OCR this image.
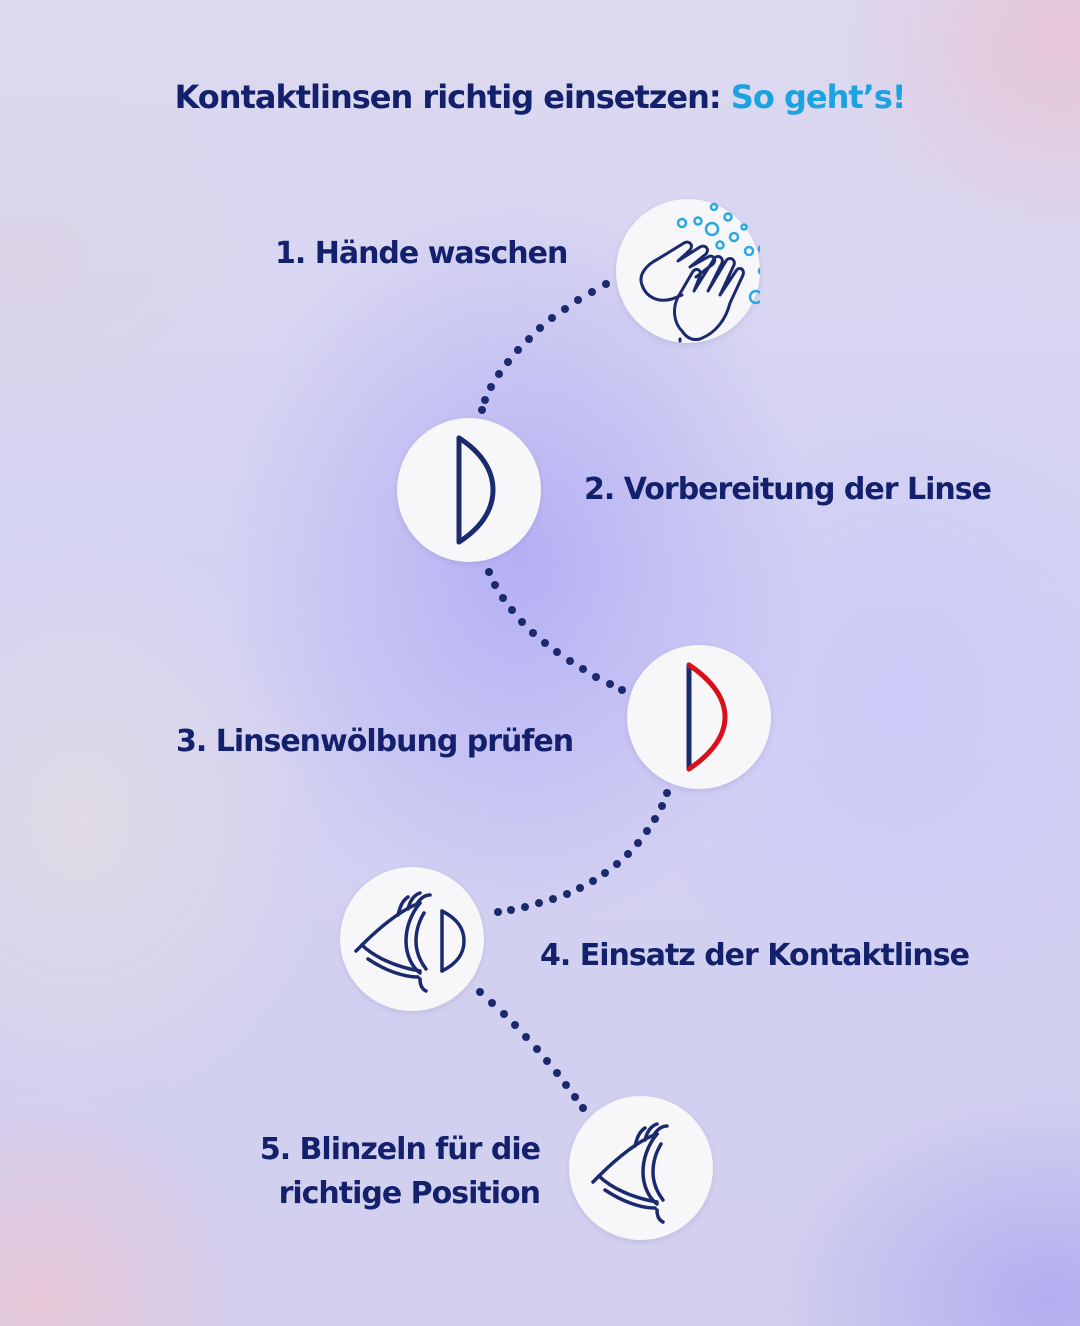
Kontaktlinsen richtig einsetzen: So geht’s!
1. Hände waschen
2. Vorbereitung der Linse
3. Linsenwölbung prüfen
4. Einsatz der Kontaktlinse
5. Blinzeln für die
richtige Position
